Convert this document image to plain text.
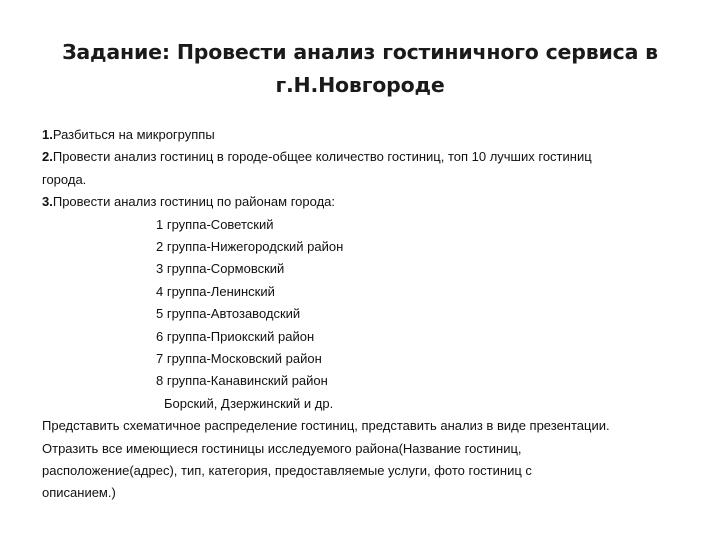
Задание: Провести анализ гостиничного сервиса в
г.Н.Новгороде
1.Разбиться на микрогруппы
2.Провести анализ гостиниц в городе-общее количество гостиниц, топ 10 лучших гостиниц
города.
3.Провести анализ гостиниц по районам города:
1 группа-Советский
2 группа-Нижегородский район
3 группа-Сормовский
4 группа-Ленинский
5 группа-Автозаводский
6 группа-Приокский район
7 группа-Московский район
8 группа-Канавинский район
Борский, Дзержинский и др.
Представить схематичное распределение гостиниц, представить анализ в виде презентации.
Отразить все имеющиеся гостиницы исследуемого района(Название гостиниц,
расположение(адрес), тип, категория, предоставляемые услуги, фото гостиниц с
описанием.)
